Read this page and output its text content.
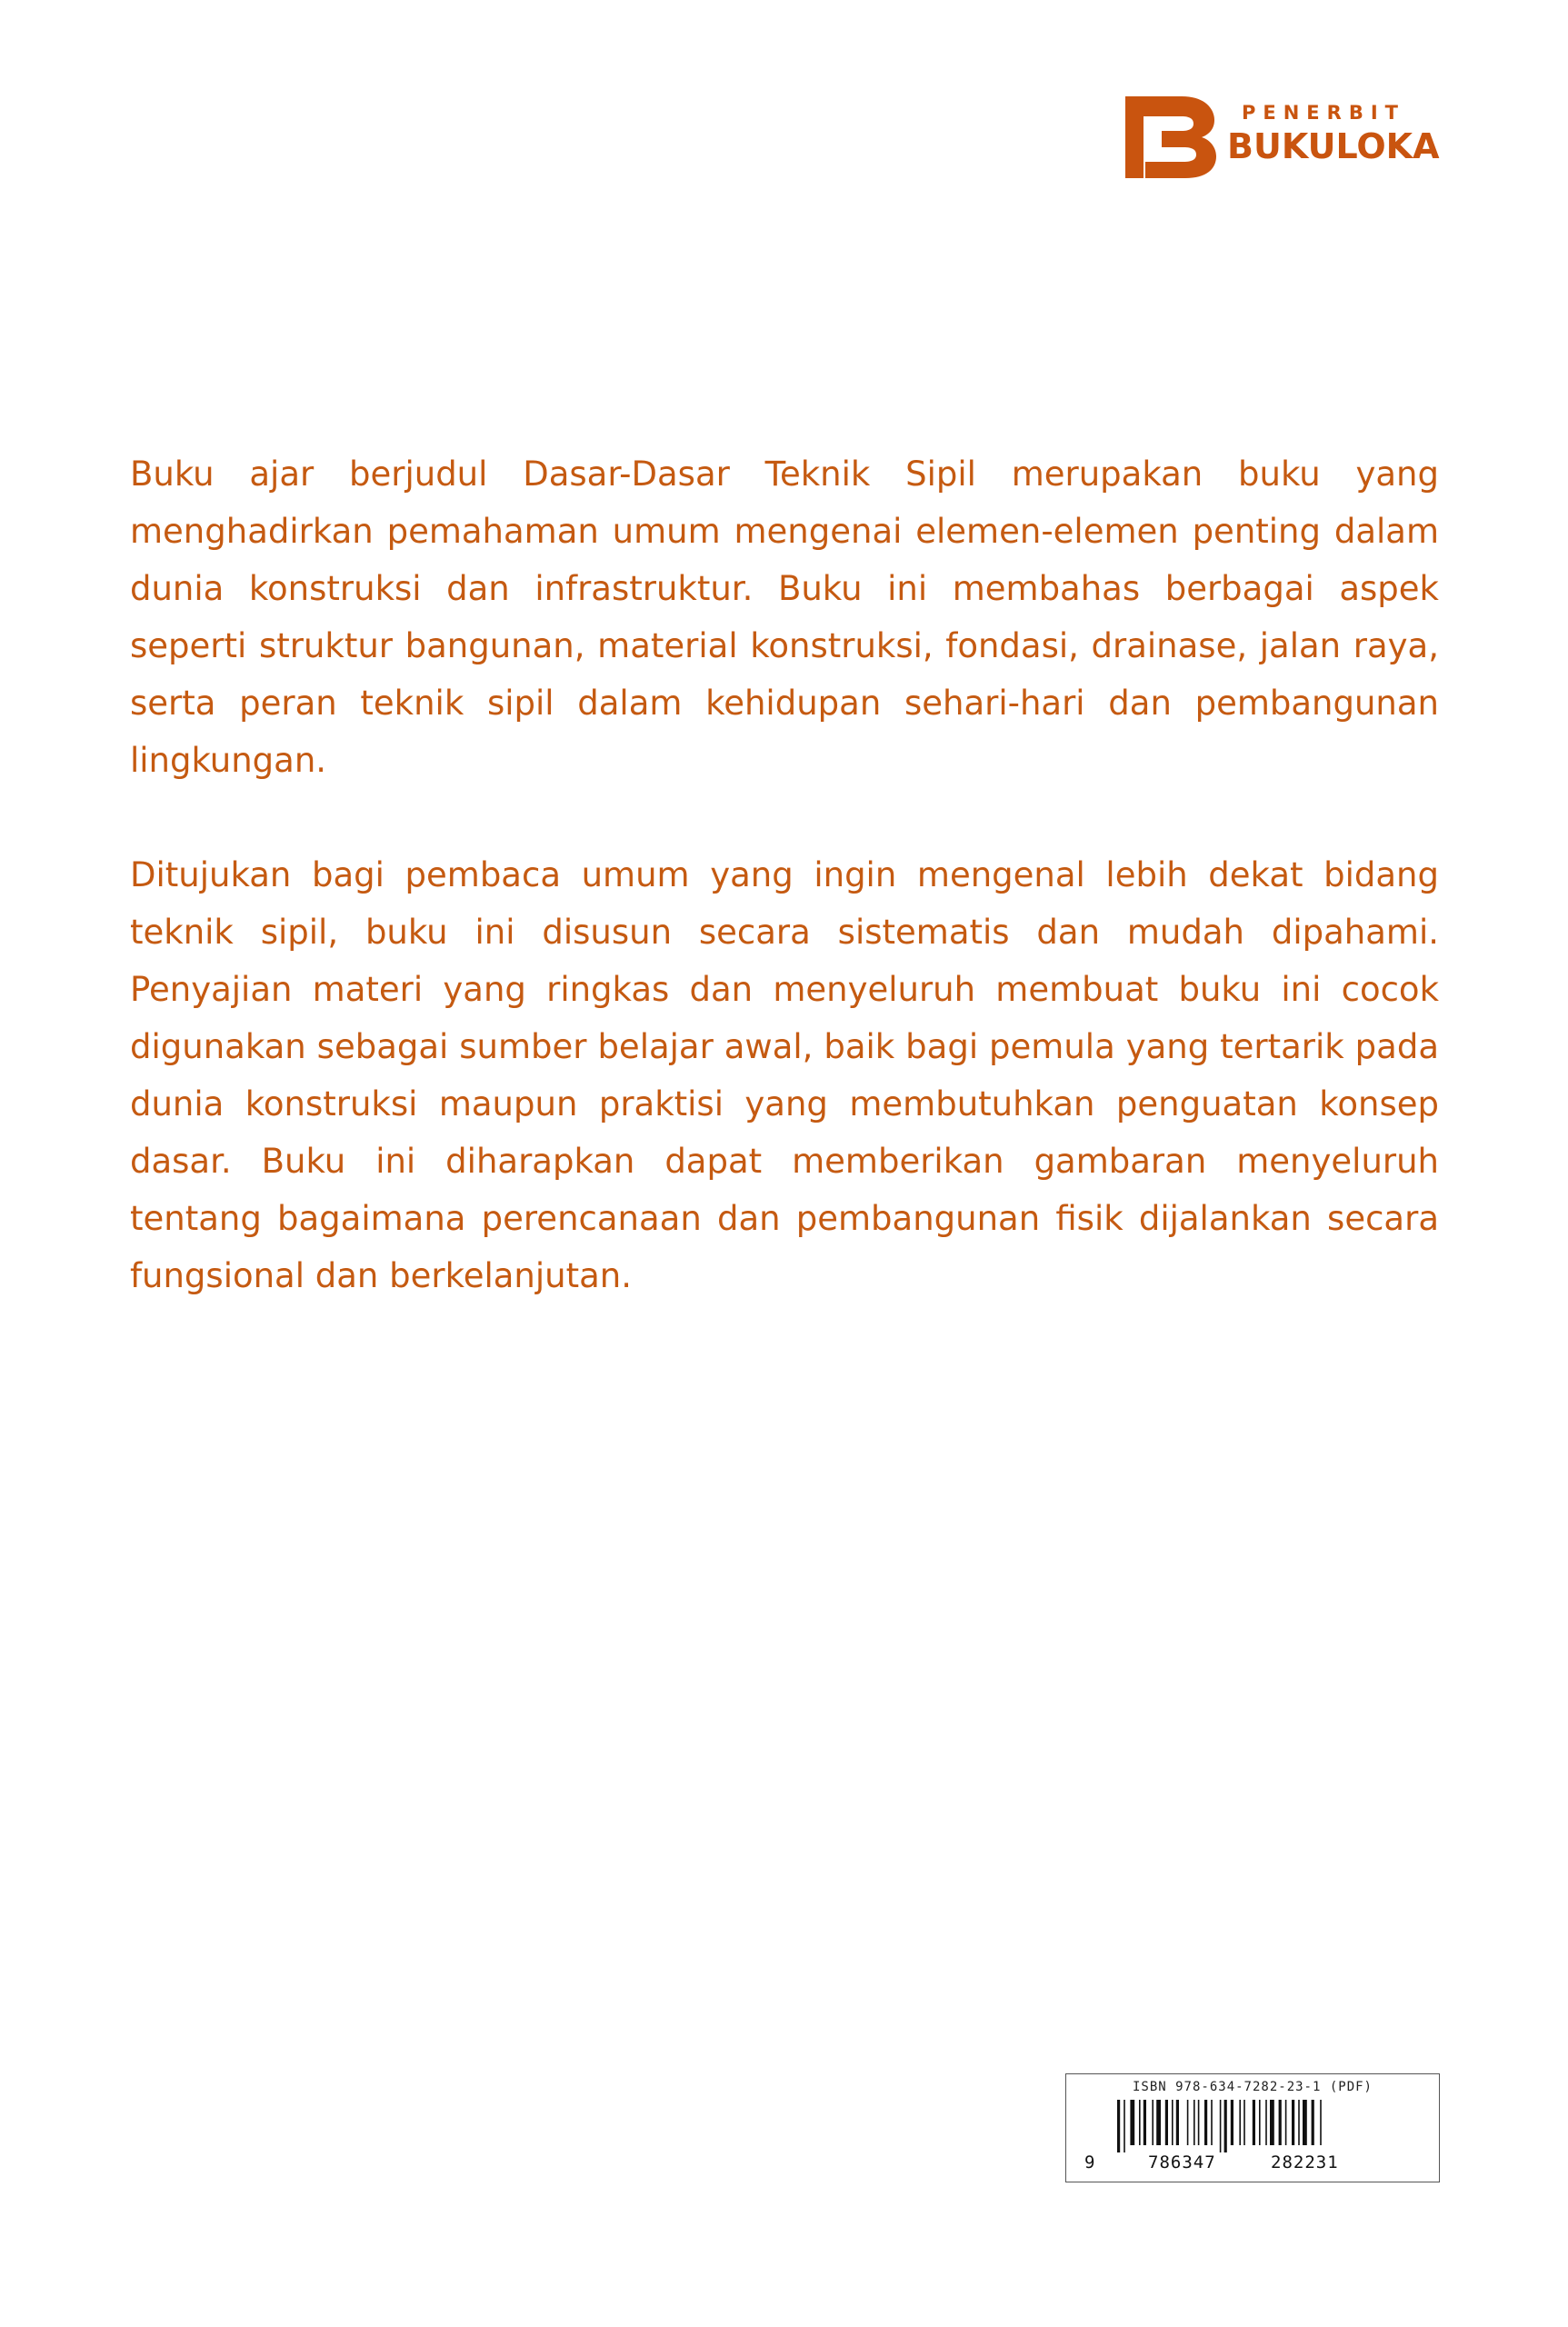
PENERBIT
BUKULOKA

Buku ajar berjudul Dasar-Dasar Teknik Sipil merupakan buku yang menghadirkan pemahaman umum mengenai elemen-elemen penting dalam dunia konstruksi dan infrastruktur. Buku ini membahas berbagai aspek seperti struktur bangunan, material konstruksi, fondasi, drainase, jalan raya, serta peran teknik sipil dalam kehidupan sehari-hari dan pembangunan lingkungan.

Ditujukan bagi pembaca umum yang ingin mengenal lebih dekat bidang teknik sipil, buku ini disusun secara sistematis dan mudah dipahami. Penyajian materi yang ringkas dan menyeluruh membuat buku ini cocok digunakan sebagai sumber belajar awal, baik bagi pemula yang tertarik pada dunia konstruksi maupun praktisi yang membutuhkan penguatan konsep dasar. Buku ini diharapkan dapat memberikan gambaran menyeluruh tentang bagaimana perencanaan dan pembangunan fisik dijalankan secara fungsional dan berkelanjutan.

ISBN 978-634-7282-23-1 (PDF)
9	786347	282231
